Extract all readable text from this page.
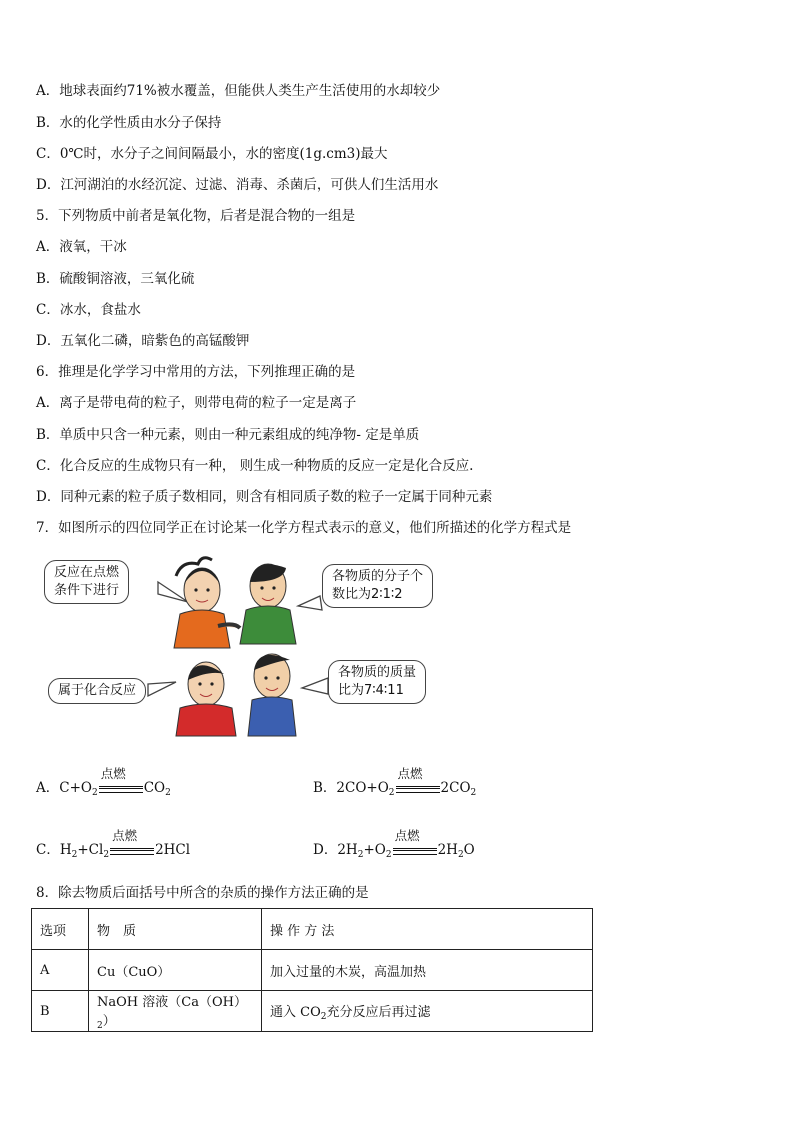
A．地球表面约71%被水覆盖，但能供人类生产生活使用的水却较少
B．水的化学性质由水分子保持
C．0℃时，水分子之间间隔最小，水的密度(1g.cm3)最大
D．江河湖泊的水经沉淀、过滤、消毒、杀菌后，可供人们生活用水
5．下列物质中前者是氧化物，后者是混合物的一组是
A．液氧，干冰
B．硫酸铜溶液，三氧化硫
C．冰水，食盐水
D．五氧化二磷，暗紫色的高锰酸钾
6．推理是化学学习中常用的方法，下列推理正确的是
A．离子是带电荷的粒子，则带电荷的粒子一定是离子
B．单质中只含一种元素，则由一种元素组成的纯净物- 定是单质
C．化合反应的生成物只有一种， 则生成一种物质的反应一定是化合反应.
D．同种元素的粒子质子数相同，则含有相同质子数的粒子一定属于同种元素
7．如图所示的四位同学正在讨论某一化学方程式表示的意义，他们所描述的化学方程式是
反应在点燃
条件下进行
各物质的分子个
数比为2∶1∶2
属于化合反应
各物质的质量
比为7∶4∶11
A．$C+O_2$
点燃
$CO_2$	B．$2CO+O_2$
点燃
$2CO_2$
C．$H_2+Cl_2$
点燃
2HCl	D．$2H_2+O_2$
点燃
$2H_2O$
8．除去物质后面括号中所含的杂质的操作方法正确的是
选项	物　质	操 作 方 法
A	Cu（CuO）	加入过量的木炭，高温加热
B	NaOH 溶液$(Ca(OH)_2)$	通入 $CO_2$充分反应后再过滤
